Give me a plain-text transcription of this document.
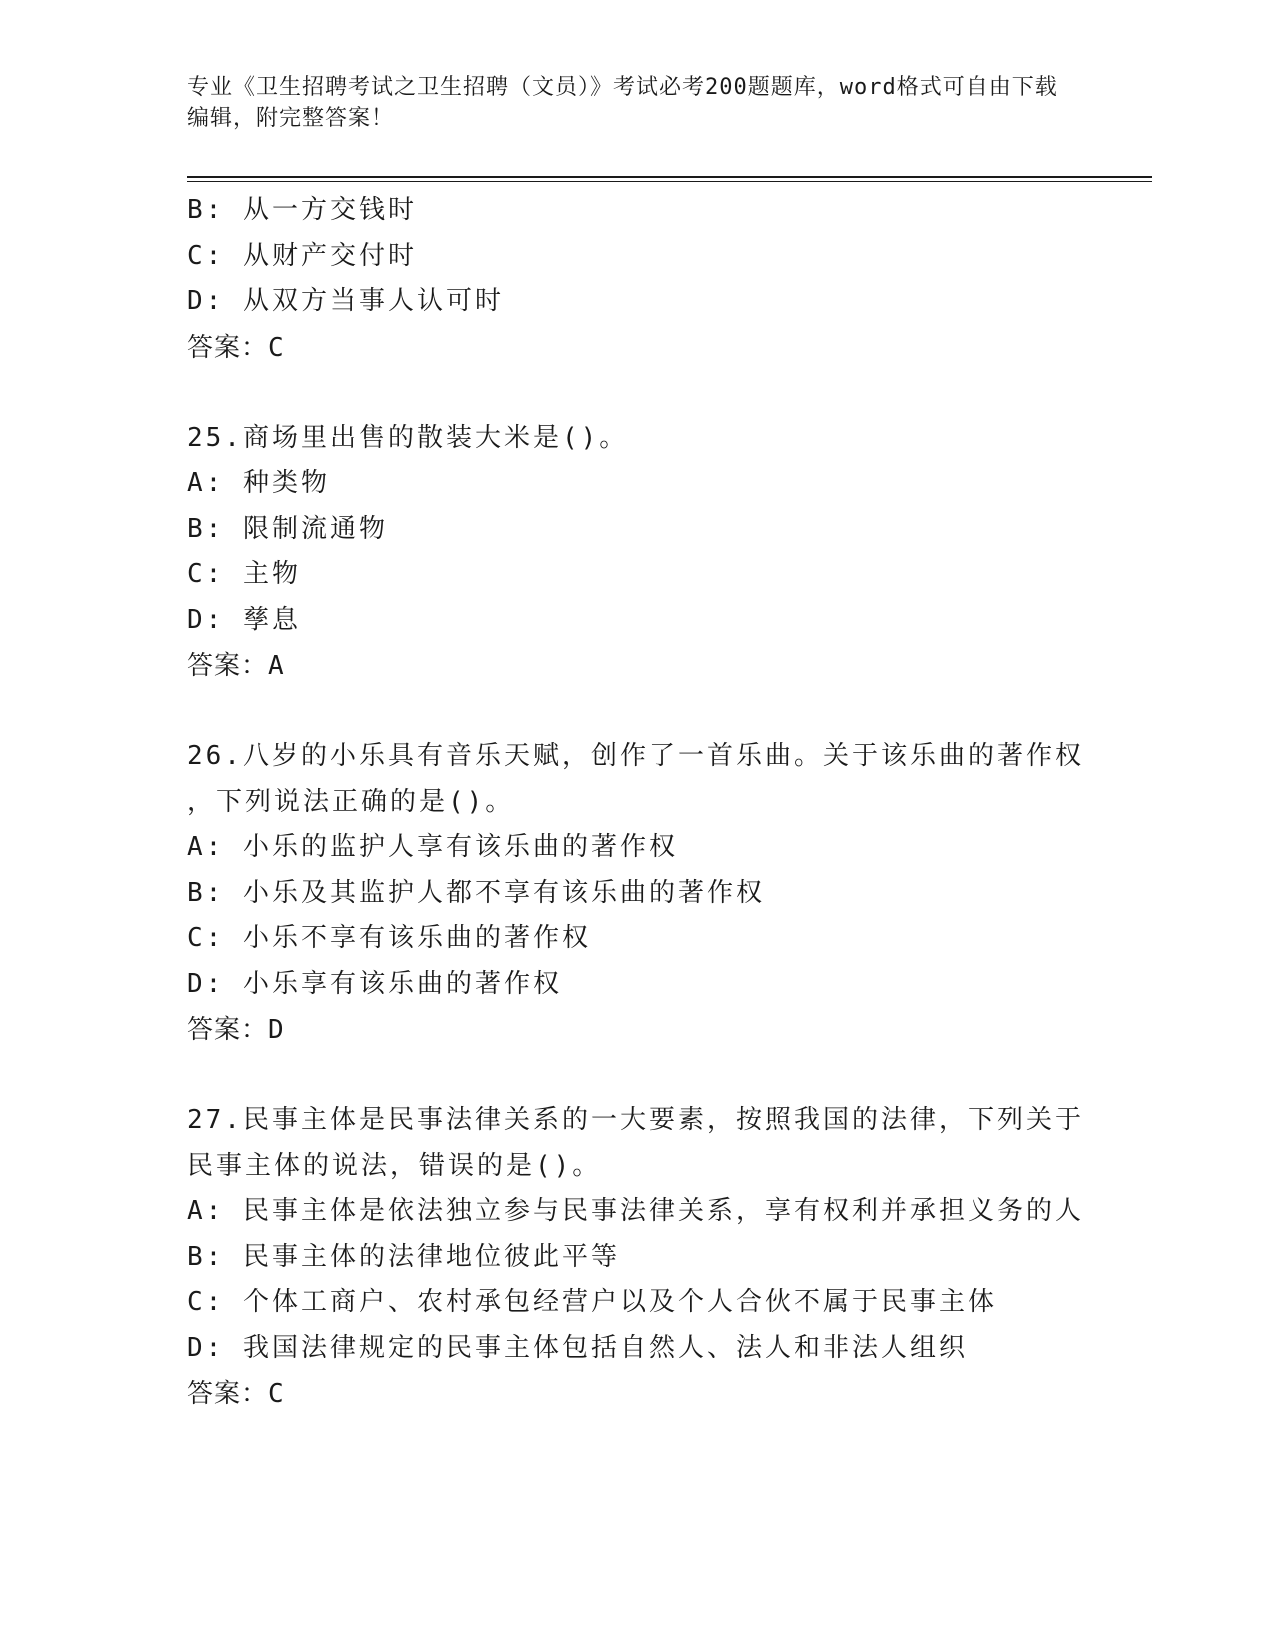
专业《卫生招聘考试之卫生招聘（文员）》考试必考200题题库，word格式可自由下载编辑，附完整答案！
B: 从一方交钱时
C: 从财产交付时
D: 从双方当事人认可时
答案：C
25.商场里出售的散装大米是()。
A: 种类物
B: 限制流通物
C: 主物
D: 孳息
答案：A
26.八岁的小乐具有音乐天赋，创作了一首乐曲。关于该乐曲的著作权
，下列说法正确的是()。
A: 小乐的监护人享有该乐曲的著作权
B: 小乐及其监护人都不享有该乐曲的著作权
C: 小乐不享有该乐曲的著作权
D: 小乐享有该乐曲的著作权
答案：D
27.民事主体是民事法律关系的一大要素，按照我国的法律，下列关于
民事主体的说法，错误的是()。
A: 民事主体是依法独立参与民事法律关系，享有权利并承担义务的人
B: 民事主体的法律地位彼此平等
C: 个体工商户、农村承包经营户以及个人合伙不属于民事主体
D: 我国法律规定的民事主体包括自然人、法人和非法人组织
答案：C
